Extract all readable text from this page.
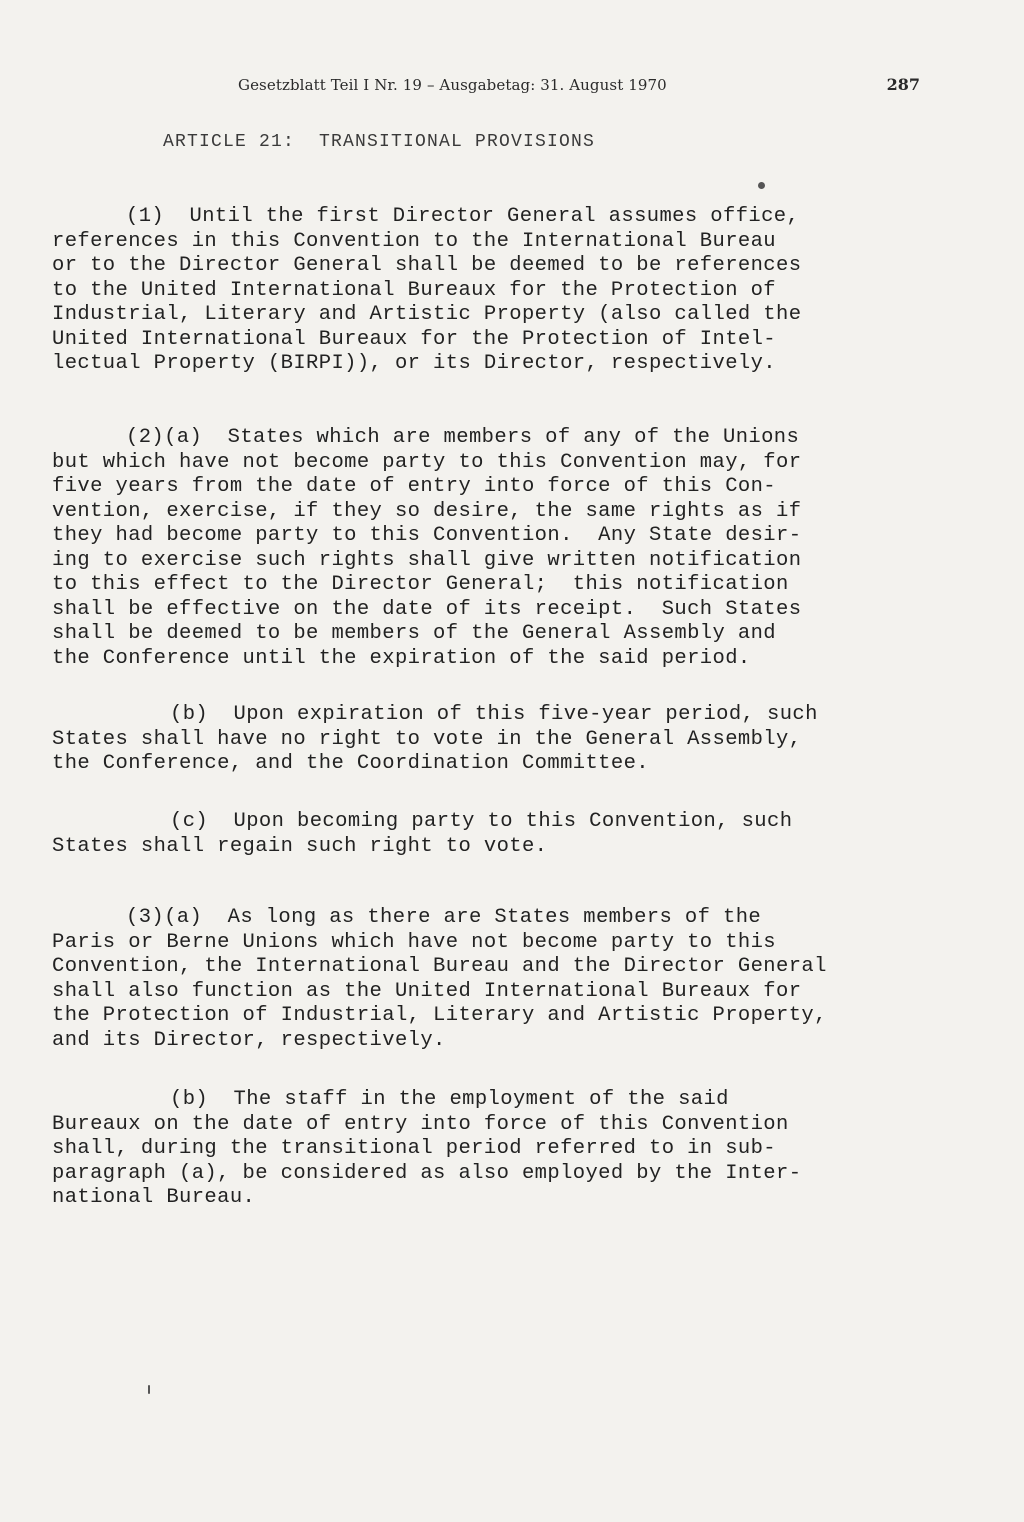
Gesetzblatt Teil I Nr. 19 – Ausgabetag: 31. August 1970	287
ARTICLE 21:  TRANSITIONAL PROVISIONS
(1)  Until the first Director General assumes office,
references in this Convention to the International Bureau
or to the Director General shall be deemed to be references
to the United International Bureaux for the Protection of
Industrial, Literary and Artistic Property (also called the
United International Bureaux for the Protection of Intel-
lectual Property (BIRPI)), or its Director, respectively.
(2)(a)  States which are members of any of the Unions
but which have not become party to this Convention may, for
five years from the date of entry into force of this Con-
vention, exercise, if they so desire, the same rights as if
they had become party to this Convention.  Any State desir-
ing to exercise such rights shall give written notification
to this effect to the Director General;  this notification
shall be effective on the date of its receipt.  Such States
shall be deemed to be members of the General Assembly and
the Conference until the expiration of the said period.
(b)  Upon expiration of this five-year period, such
States shall have no right to vote in the General Assembly,
the Conference, and the Coordination Committee.
(c)  Upon becoming party to this Convention, such
States shall regain such right to vote.
(3)(a)  As long as there are States members of the
Paris or Berne Unions which have not become party to this
Convention, the International Bureau and the Director General
shall also function as the United International Bureaux for
the Protection of Industrial, Literary and Artistic Property,
and its Director, respectively.
(b)  The staff in the employment of the said
Bureaux on the date of entry into force of this Convention
shall, during the transitional period referred to in sub-
paragraph (a), be considered as also employed by the Inter-
national Bureau.
